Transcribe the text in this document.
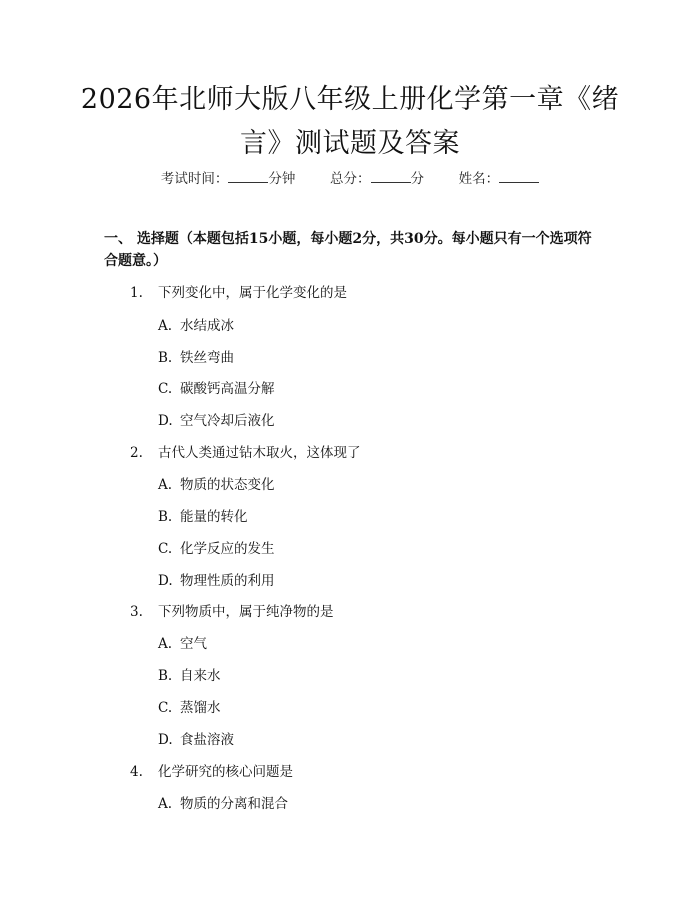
2026年北师大版八年级上册化学第一章《绪言》测试题及答案
考试时间：	分钟	总分：	分	姓名：
一、 选择题（本题包括15小题，每小题2分，共30分。每小题只有一个选项符合题意。）
1. 下列变化中，属于化学变化的是
A. 水结成冰
B. 铁丝弯曲
C. 碳酸钙高温分解
D. 空气冷却后液化
2. 古代人类通过钻木取火，这体现了
A. 物质的状态变化
B. 能量的转化
C. 化学反应的发生
D. 物理性质的利用
3. 下列物质中，属于纯净物的是
A. 空气
B. 自来水
C. 蒸馏水
D. 食盐溶液
4. 化学研究的核心问题是
A. 物质的分离和混合
